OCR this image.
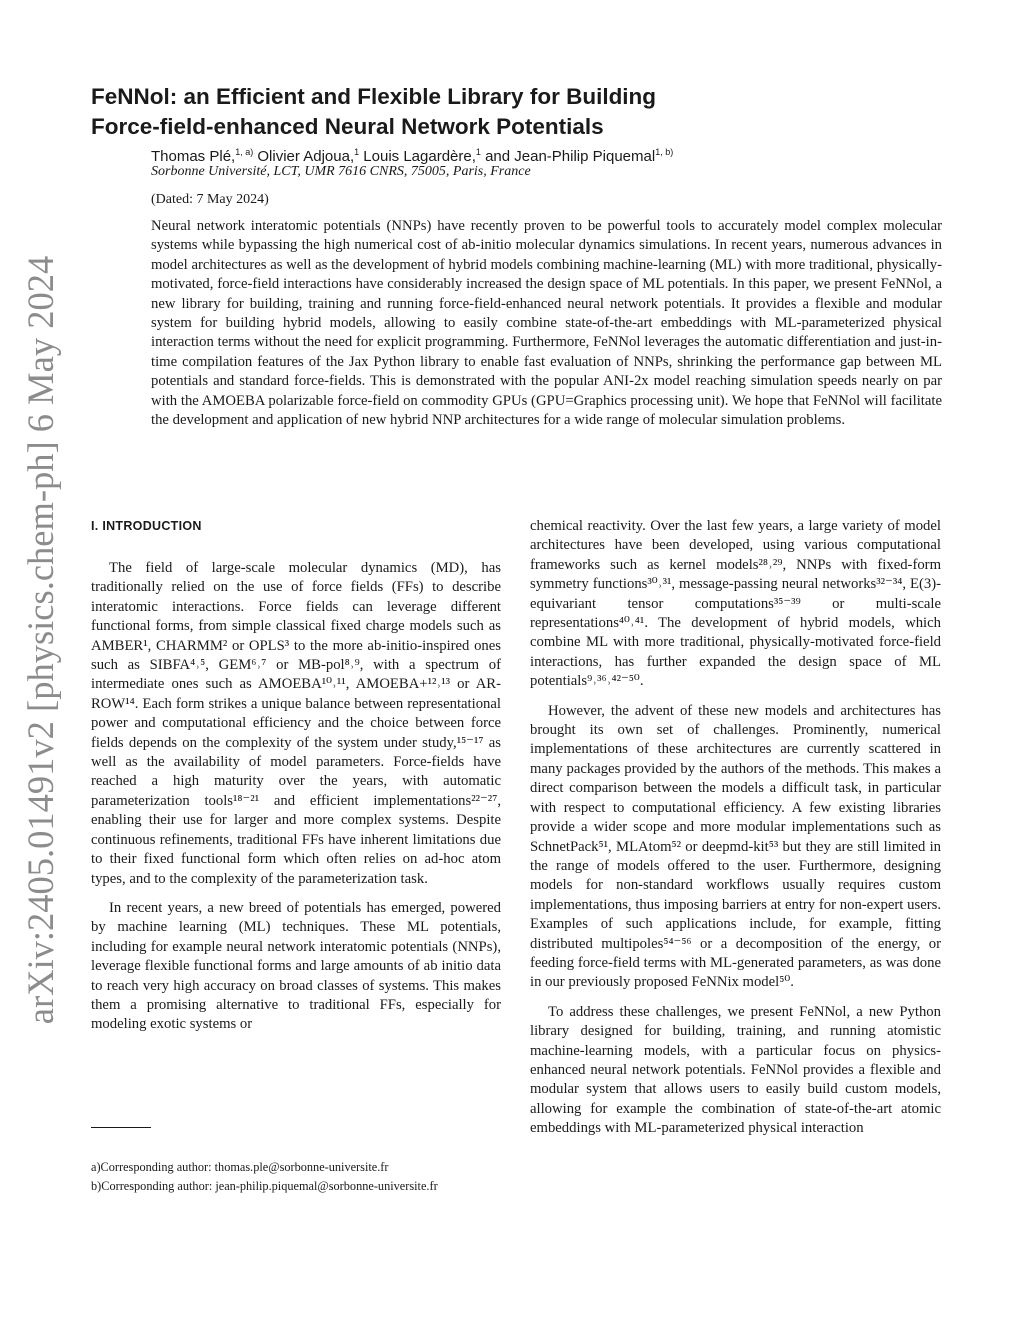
arXiv:2405.01491v2 [physics.chem-ph] 6 May 2024
FeNNol: an Efficient and Flexible Library for Building
Force-field-enhanced Neural Network Potentials
Thomas Plé,$^{1, a)}$ Olivier Adjoua,$^1$ Louis Lagardère,$^1$ and Jean-Philip Piquemal$^{1, b)}$
Sorbonne Université, LCT, UMR 7616 CNRS, 75005, Paris, France
(Dated: 7 May 2024)

Neural network interatomic potentials (NNPs) have recently proven to be powerful tools to accurately model complex molecular systems while bypassing the high numerical cost of ab-initio molecular dynamics simulations. In recent years, numerous advances in model architectures as well as the development of hybrid models combining machine-learning (ML) with more traditional, physically-motivated, force-field interactions have considerably increased the design space of ML potentials. In this paper, we present FeNNol, a new library for building, training and running force-field-enhanced neural network potentials. It provides a flexible and modular system for building hybrid models, allowing to easily combine state-of-the-art embeddings with ML-parameterized physical interaction terms without the need for explicit programming. Furthermore, FeNNol leverages the automatic differentiation and just-in-time compilation features of the Jax Python library to enable fast evaluation of NNPs, shrinking the performance gap between ML potentials and standard force-fields. This is demonstrated with the popular ANI-2x model reaching simulation speeds nearly on par with the AMOEBA polarizable force-field on commodity GPUs (GPU=Graphics processing unit). We hope that FeNNol will facilitate the development and application of new hybrid NNP architectures for a wide range of molecular simulation problems.

I. INTRODUCTION

The field of large-scale molecular dynamics (MD), has traditionally relied on the use of force fields (FFs) to describe interatomic interactions. Force fields can leverage different functional forms, from simple classical fixed charge models such as AMBER¹, CHARMM² or OPLS³ to the more ab-initio-inspired ones such as SIBFA⁴˒⁵, GEM⁶˒⁷ or MB-pol⁸˒⁹, with a spectrum of intermediate ones such as AMOEBA¹⁰˒¹¹, AMOEBA+¹²˒¹³ or AR-ROW¹⁴. Each form strikes a unique balance between representational power and computational efficiency and the choice between force fields depends on the complexity of the system under study,¹⁵⁻¹⁷ as well as the availability of model parameters. Force-fields have reached a high maturity over the years, with automatic parameterization tools¹⁸⁻²¹ and efficient implementations²²⁻²⁷, enabling their use for larger and more complex systems. Despite continuous refinements, traditional FFs have inherent limitations due to their fixed functional form which often relies on ad-hoc atom types, and to the complexity of the parameterization task.

In recent years, a new breed of potentials has emerged, powered by machine learning (ML) techniques. These ML potentials, including for example neural network interatomic potentials (NNPs), leverage flexible functional forms and large amounts of ab initio data to reach very high accuracy on broad classes of systems. This makes them a promising alternative to traditional FFs, especially for modeling exotic systems or

chemical reactivity. Over the last few years, a large variety of model architectures have been developed, using various computational frameworks such as kernel models²⁸˒²⁹, NNPs with fixed-form symmetry functions³⁰˒³¹, message-passing neural networks³²⁻³⁴, E(3)-equivariant tensor computations³⁵⁻³⁹ or multi-scale representations⁴⁰˒⁴¹. The development of hybrid models, which combine ML with more traditional, physically-motivated force-field interactions, has further expanded the design space of ML potentials⁹˒³⁶˒⁴²⁻⁵⁰.

However, the advent of these new models and architectures has brought its own set of challenges. Prominently, numerical implementations of these architectures are currently scattered in many packages provided by the authors of the methods. This makes a direct comparison between the models a difficult task, in particular with respect to computational efficiency. A few existing libraries provide a wider scope and more modular implementations such as SchnetPack⁵¹, MLAtom⁵² or deepmd-kit⁵³ but they are still limited in the range of models offered to the user. Furthermore, designing models for non-standard workflows usually requires custom implementations, thus imposing barriers at entry for non-expert users. Examples of such applications include, for example, fitting distributed multipoles⁵⁴⁻⁵⁶ or a decomposition of the energy, or feeding force-field terms with ML-generated parameters, as was done in our previously proposed FeNNix model⁵⁰.

To address these challenges, we present FeNNol, a new Python library designed for building, training, and running atomistic machine-learning models, with a particular focus on physics-enhanced neural network potentials. FeNNol provides a flexible and modular system that allows users to easily build custom models, allowing for example the combination of state-of-the-art atomic embeddings with ML-parameterized physical interaction

a)Corresponding author: thomas.ple@sorbonne-universite.fr
b)Corresponding author: jean-philip.piquemal@sorbonne-universite.fr
